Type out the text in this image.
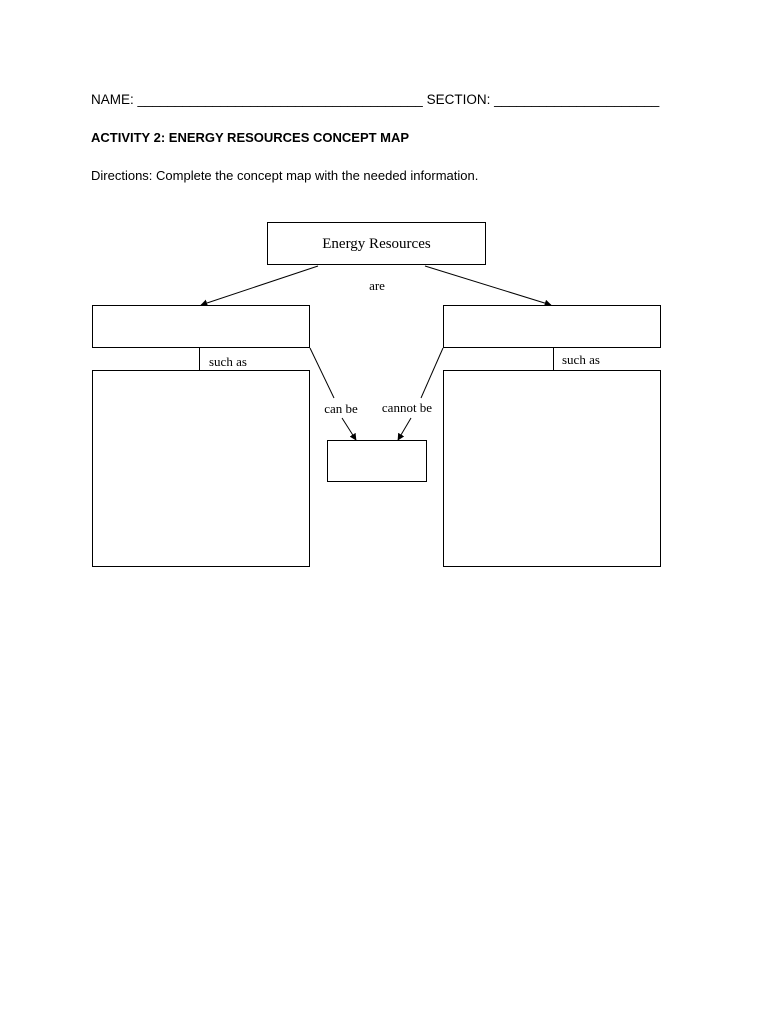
NAME: ______________________________________ SECTION: ______________________
ACTIVITY 2: ENERGY RESOURCES CONCEPT MAP
Directions: Complete the concept map with the needed information.
Energy Resources
are
such as	such as
can be cannot be
